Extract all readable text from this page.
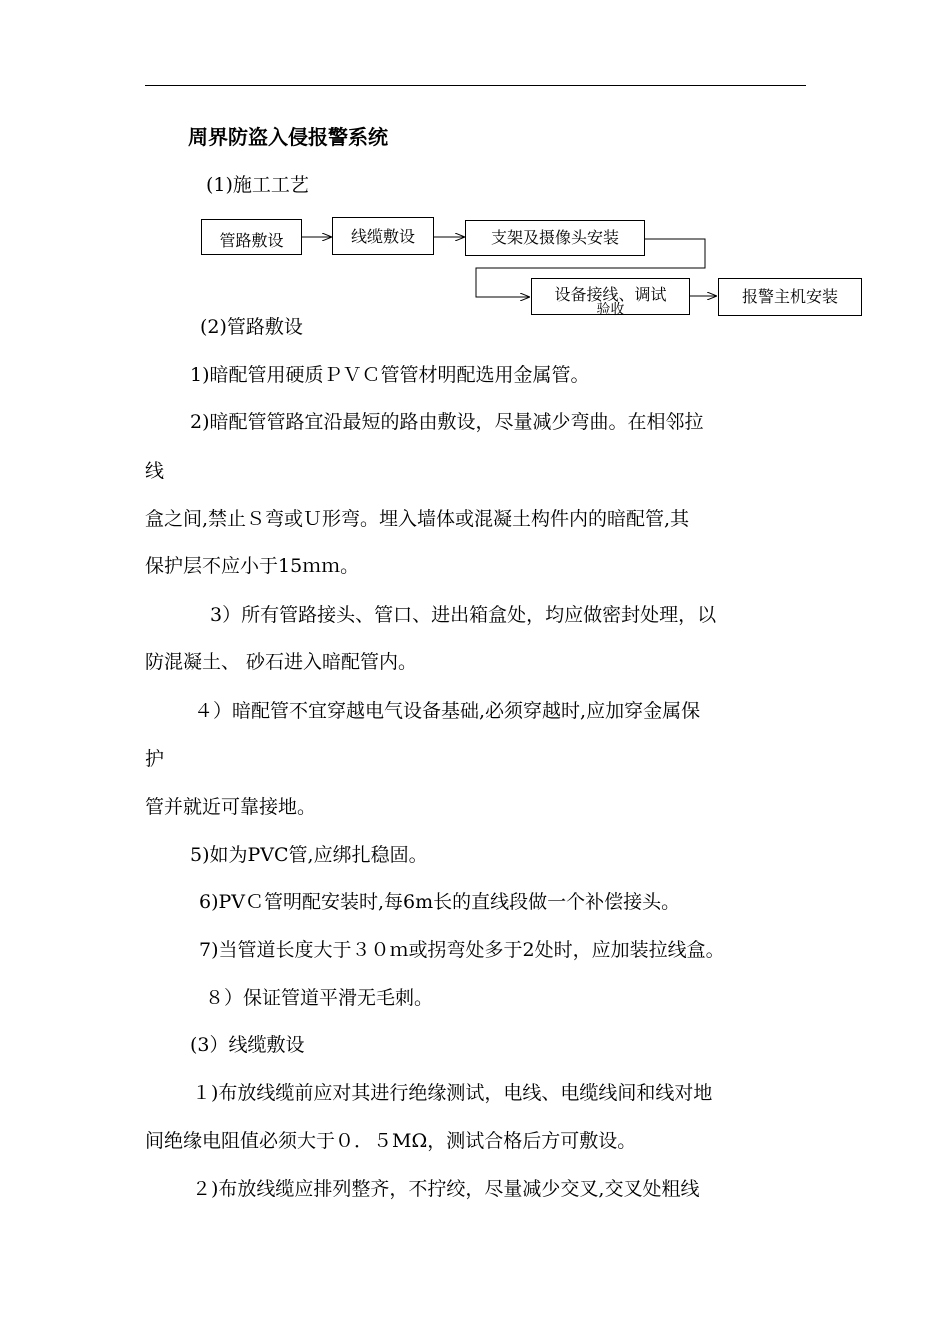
周界防盗入侵报警系统
(1)施工工艺
管路敷设	线缆敷设	支架及摄像头安装
设备接线、调试
验收
报警主机安装
(2)管路敷设
1)暗配管用硬质ＰＶＣ管管材明配选用金属管。
2)暗配管管路宜沿最短的路由敷设，尽量减少弯曲。在相邻拉
线
盒之间,禁止Ｓ弯或Ｕ形弯。埋入墙体或混凝土构件内的暗配管,其
保护层不应小于15ｍｍ。
3）所有管路接头、管口、进出箱盒处，均应做密封处理，以
防混凝土、 砂石进入暗配管内。
４）暗配管不宜穿越电气设备基础,必须穿越时,应加穿金属保
护
管并就近可靠接地。
5)如为PVC管,应绑扎稳固。
6)PVＣ管明配安装时,每6m长的直线段做一个补偿接头。
7)当管道长度大于３０ｍ或拐弯处多于2处时，应加装拉线盒。
８）保证管道平滑无毛刺。
(3）线缆敷设
１)布放线缆前应对其进行绝缘测试，电线、电缆线间和线对地
间绝缘电阻值必须大于０．５MΩ，测试合格后方可敷设。
２)布放线缆应排列整齐，不拧绞，尽量减少交叉,交叉处粗线
